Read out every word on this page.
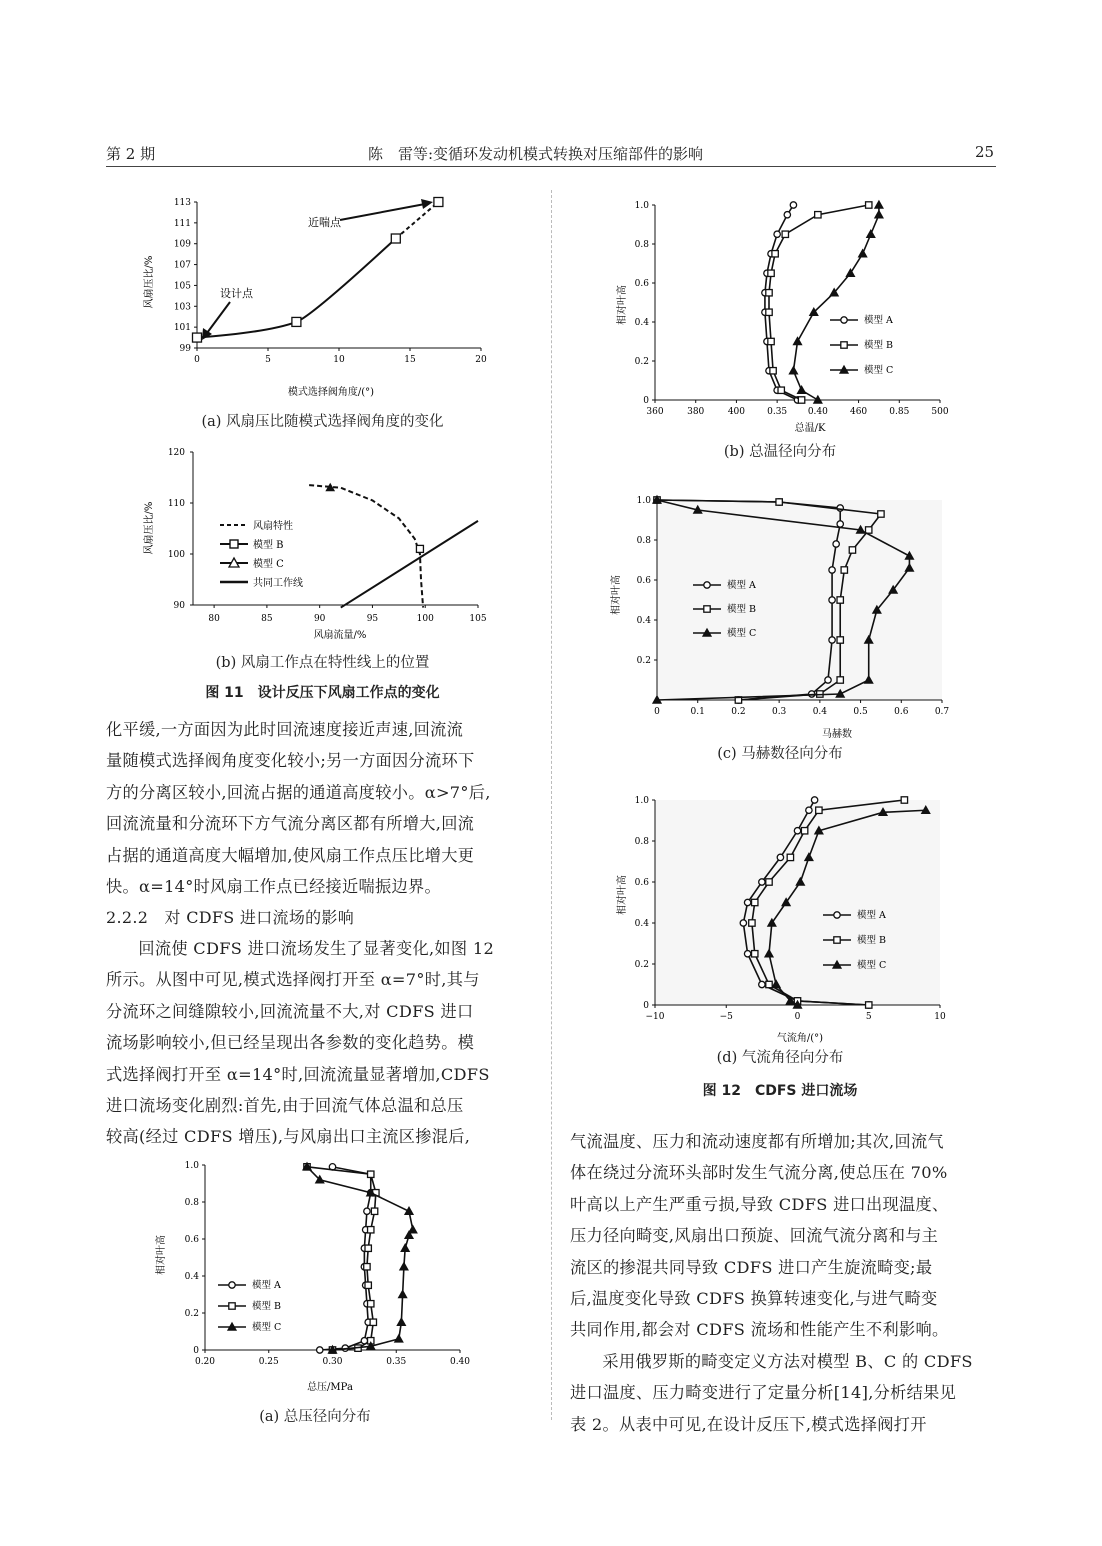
第 2 期	陈　雷等:变循环发动机模式转换对压缩部件的影响	25
0	5	10	15	20
99
101
103
105
107
109
111
113
模式选择阀角度/(°)
风扇压比/%
近喘点
设计点
(a) 风扇压比随模式选择阀角度的变化
80	85	90	95	100	105
90
100
110
120
风扇流量/%
风扇压比/%	风扇特性
模型 B
模型 C
共同工作线
(b) 风扇工作点在特性线上的位置
图 11　设计反压下风扇工作点的变化
化平缓,一方面因为此时回流速度接近声速,回流流
量随模式选择阀角度变化较小;另一方面因分流环下
方的分离区较小,回流占据的通道高度较小。α>7°后,
回流流量和分流环下方气流分离区都有所增大,回流
占据的通道高度大幅增加,使风扇工作点压比增大更
快。α=14°时风扇工作点已经接近喘振边界。
2.2.2　对 CDFS 进口流场的影响
回流使 CDFS 进口流场发生了显著变化,如图 12
所示。从图中可见,模式选择阀打开至 α=7°时,其与
分流环之间缝隙较小,回流流量不大,对 CDFS 进口
流场影响较小,但已经呈现出各参数的变化趋势。模
式选择阀打开至 α=14°时,回流流量显著增加,CDFS
进口流场变化剧烈:首先,由于回流气体总温和总压
较高(经过 CDFS 增压),与风扇出口主流区掺混后,
0.20	0.25	0.30	0.35	0.40
0
0.2
0.4
0.6
0.8
1.0
模型 A
模型 B
模型 C
总压/MPa
相对叶高
(a) 总压径向分布
360	380	400 0.35 0.40 460 0.85 500
0
0.2
0.4
0.6
0.8
1.0
模型 A
模型 B
模型 C
总温/K
相对叶高
(b) 总温径向分布
0	0.1	0.2	0.3	0.4	0.5	0.6	0.7
0.2
0.4
0.6
0.8
1.0
模型 A
模型 B
模型 C
马赫数
相对叶高
(c) 马赫数径向分布
−10	−5	0	5	10
0
0.2
0.4
0.6
0.8
1.0
模型 A
模型 B
模型 C
气流角/(°)
相对叶高
(d) 气流角径向分布
图 12　CDFS 进口流场
气流温度、压力和流动速度都有所增加;其次,回流气
体在绕过分流环头部时发生气流分离,使总压在 70%
叶高以上产生严重亏损,导致 CDFS 进口出现温度、
压力径向畸变,风扇出口预旋、回流气流分离和与主
流区的掺混共同导致 CDFS 进口产生旋流畸变;最
后,温度变化导致 CDFS 换算转速变化,与进气畸变
共同作用,都会对 CDFS 流场和性能产生不利影响。
采用俄罗斯的畸变定义方法对模型 B、C 的 CDFS
进口温度、压力畸变进行了定量分析[14],分析结果见
表 2。从表中可见,在设计反压下,模式选择阀打开
